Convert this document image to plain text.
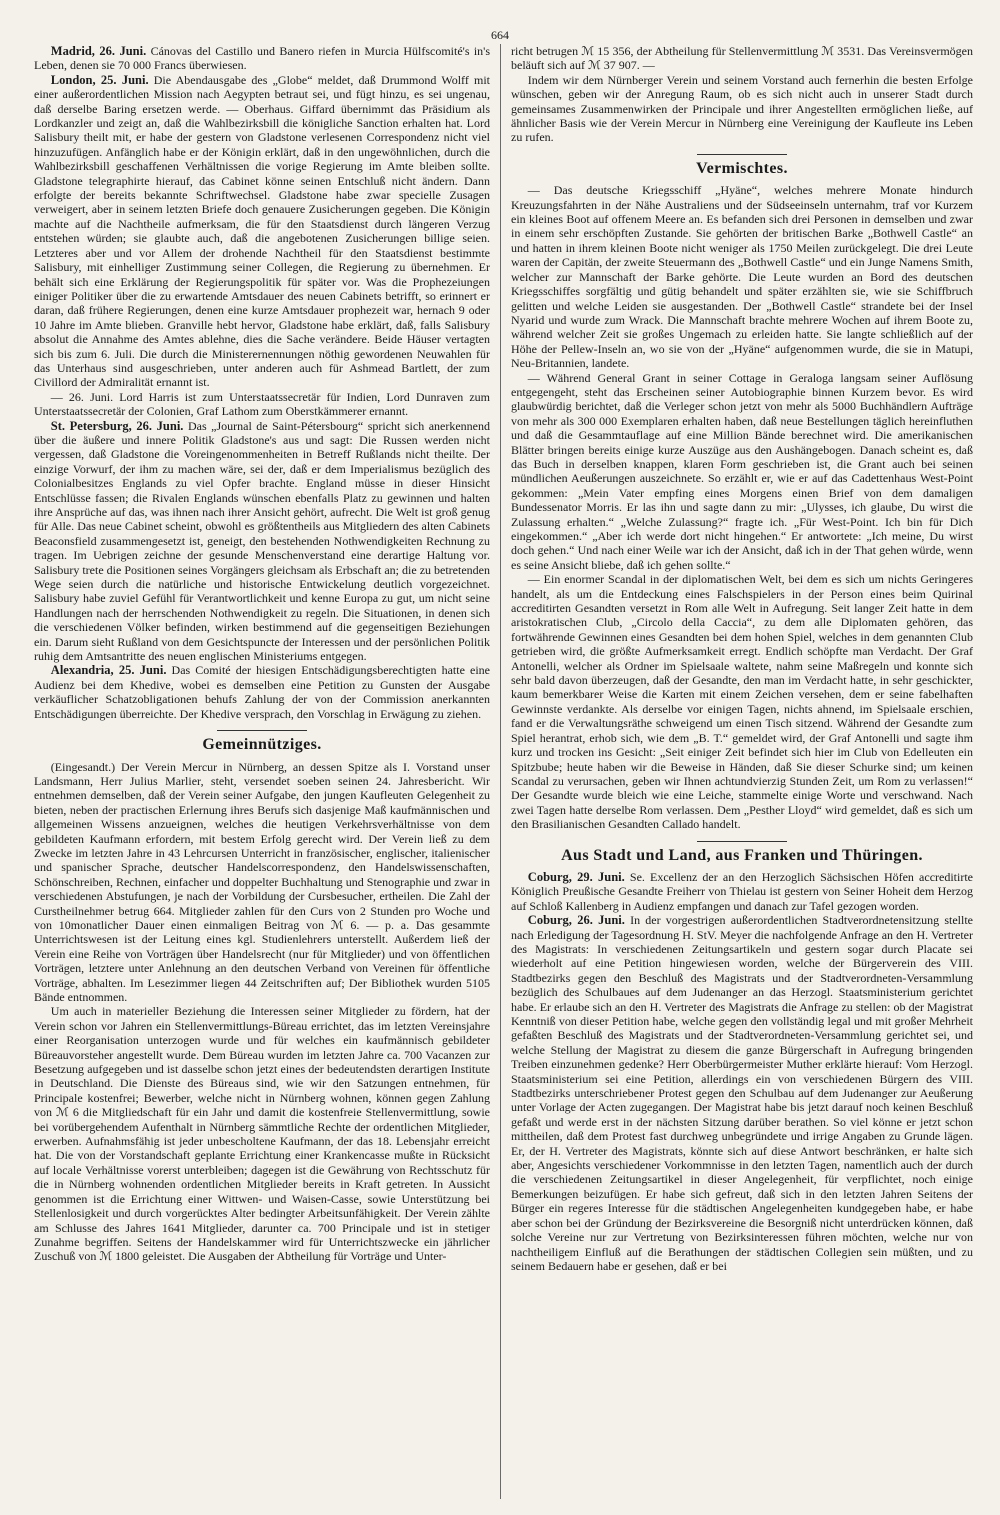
664

Madrid, 26. Juni. Cánovas del Castillo und Banero riefen in Murcia Hülfscomité's in's Leben, denen sie 70 000 Francs überwiesen.

London, 25. Juni. Die Abendausgabe des „Globe“ meldet, daß Drummond Wolff mit einer außerordentlichen Mission nach Aegypten betraut sei, und fügt hinzu, es sei ungenau, daß derselbe Baring ersetzen werde. — Oberhaus. Giffard übernimmt das Präsidium als Lordkanzler und zeigt an, daß die Wahlbezirksbill die königliche Sanction erhalten hat. Lord Salisbury theilt mit, er habe der gestern von Gladstone verlesenen Correspondenz nicht viel hinzuzufügen. Anfänglich habe er der Königin erklärt, daß in den ungewöhnlichen, durch die Wahlbezirksbill geschaffenen Verhältnissen die vorige Regierung im Amte bleiben sollte. Gladstone telegraphirte hierauf, das Cabinet könne seinen Entschluß nicht ändern. Dann erfolgte der bereits bekannte Schriftwechsel. Gladstone habe zwar specielle Zusagen verweigert, aber in seinem letzten Briefe doch genauere Zusicherungen gegeben. Die Königin machte auf die Nachtheile aufmerksam, die für den Staatsdienst durch längeren Verzug entstehen würden; sie glaubte auch, daß die angebotenen Zusicherungen billige seien. Letzteres aber und vor Allem der drohende Nachtheil für den Staatsdienst bestimmte Salisbury, mit einhelliger Zustimmung seiner Collegen, die Regierung zu übernehmen. Er behält sich eine Erklärung der Regierungspolitik für später vor. Was die Prophezeiungen einiger Politiker über die zu erwartende Amtsdauer des neuen Cabinets betrifft, so erinnert er daran, daß frühere Regierungen, denen eine kurze Amtsdauer prophezeit war, hernach 9 oder 10 Jahre im Amte blieben. Granville hebt hervor, Gladstone habe erklärt, daß, falls Salisbury absolut die Annahme des Amtes ablehne, dies die Sache verändere. Beide Häuser vertagten sich bis zum 6. Juli. Die durch die Ministerernennungen nöthig gewordenen Neuwahlen für das Unterhaus sind ausgeschrieben, unter anderen auch für Ashmead Bartlett, der zum Civillord der Admiralität ernannt ist.

— 26. Juni. Lord Harris ist zum Unterstaatssecretär für Indien, Lord Dunraven zum Unterstaatssecretär der Colonien, Graf Lathom zum Oberstkämmerer ernannt.

St. Petersburg, 26. Juni. Das „Journal de Saint-Pétersbourg“ spricht sich anerkennend über die äußere und innere Politik Gladstone's aus und sagt: Die Russen werden nicht vergessen, daß Gladstone die Voreingenommenheiten in Betreff Rußlands nicht theilte. Der einzige Vorwurf, der ihm zu machen wäre, sei der, daß er dem Imperialismus bezüglich des Colonialbesitzes Englands zu viel Opfer brachte. England müsse in dieser Hinsicht Entschlüsse fassen; die Rivalen Englands wünschen ebenfalls Platz zu gewinnen und halten ihre Ansprüche auf das, was ihnen nach ihrer Ansicht gehört, aufrecht. Die Welt ist groß genug für Alle. Das neue Cabinet scheint, obwohl es größtentheils aus Mitgliedern des alten Cabinets Beaconsfield zusammengesetzt ist, geneigt, den bestehenden Nothwendigkeiten Rechnung zu tragen. Im Uebrigen zeichne der gesunde Menschenverstand eine derartige Haltung vor. Salisbury trete die Positionen seines Vorgängers gleichsam als Erbschaft an; die zu betretenden Wege seien durch die natürliche und historische Entwickelung deutlich vorgezeichnet. Salisbury habe zuviel Gefühl für Verantwortlichkeit und kenne Europa zu gut, um nicht seine Handlungen nach der herrschenden Nothwendigkeit zu regeln. Die Situationen, in denen sich die verschiedenen Völker befinden, wirken bestimmend auf die gegenseitigen Beziehungen ein. Darum sieht Rußland von dem Gesichtspuncte der Interessen und der persönlichen Politik ruhig dem Amtsantritte des neuen englischen Ministeriums entgegen.

Alexandria, 25. Juni. Das Comité der hiesigen Entschädigungsberechtigten hatte eine Audienz bei dem Khedive, wobei es demselben eine Petition zu Gunsten der Ausgabe verkäuflicher Schatzobligationen behufs Zahlung der von der Commission anerkannten Entschädigungen überreichte. Der Khedive versprach, den Vorschlag in Erwägung zu ziehen.

Gemeinnütziges.

(Eingesandt.) Der Verein Mercur in Nürnberg, an dessen Spitze als I. Vorstand unser Landsmann, Herr Julius Marlier, steht, versendet soeben seinen 24. Jahresbericht. Wir entnehmen demselben, daß der Verein seiner Aufgabe, den jungen Kaufleuten Gelegenheit zu bieten, neben der practischen Erlernung ihres Berufs sich dasjenige Maß kaufmännischen und allgemeinen Wissens anzueignen, welches die heutigen Verkehrsverhältnisse von dem gebildeten Kaufmann erfordern, mit bestem Erfolg gerecht wird. Der Verein ließ zu dem Zwecke im letzten Jahre in 43 Lehrcursen Unterricht in französischer, englischer, italienischer und spanischer Sprache, deutscher Handelscorrespondenz, den Handelswissenschaften, Schönschreiben, Rechnen, einfacher und doppelter Buchhaltung und Stenographie und zwar in verschiedenen Abstufungen, je nach der Vorbildung der Cursbesucher, ertheilen. Die Zahl der Curstheilnehmer betrug 664. Mitglieder zahlen für den Curs von 2 Stunden pro Woche und von 10monatlicher Dauer einen einmaligen Beitrag von ℳ 6. — p. a. Das gesammte Unterrichtswesen ist der Leitung eines kgl. Studienlehrers unterstellt. Außerdem ließ der Verein eine Reihe von Vorträgen über Handelsrecht (nur für Mitglieder) und von öffentlichen Vorträgen, letztere unter Anlehnung an den deutschen Verband von Vereinen für öffentliche Vorträge, abhalten. Im Lesezimmer liegen 44 Zeitschriften auf; Der Bibliothek wurden 5105 Bände entnommen.

Um auch in materieller Beziehung die Interessen seiner Mitglieder zu fördern, hat der Verein schon vor Jahren ein Stellenvermittlungs-Büreau errichtet, das im letzten Vereinsjahre einer Reorganisation unterzogen wurde und für welches ein kaufmännisch gebildeter Büreauvorsteher angestellt wurde. Dem Büreau wurden im letzten Jahre ca. 700 Vacanzen zur Besetzung aufgegeben und ist dasselbe schon jetzt eines der bedeutendsten derartigen Institute in Deutschland. Die Dienste des Büreaus sind, wie wir den Satzungen entnehmen, für Principale kostenfrei; Bewerber, welche nicht in Nürnberg wohnen, können gegen Zahlung von ℳ 6 die Mitgliedschaft für ein Jahr und damit die kostenfreie Stellenvermittlung, sowie bei vorübergehendem Aufenthalt in Nürnberg sämmtliche Rechte der ordentlichen Mitglieder, erwerben. Aufnahmsfähig ist jeder unbescholtene Kaufmann, der das 18. Lebensjahr erreicht hat. Die von der Vorstandschaft geplante Errichtung einer Krankencasse mußte in Rücksicht auf locale Verhältnisse vorerst unterbleiben; dagegen ist die Gewährung von Rechtsschutz für die in Nürnberg wohnenden ordentlichen Mitglieder bereits in Kraft getreten. In Aussicht genommen ist die Errichtung einer Wittwen- und Waisen-Casse, sowie Unterstützung bei Stellenlosigkeit und durch vorgerücktes Alter bedingter Arbeitsunfähigkeit. Der Verein zählte am Schlusse des Jahres 1641 Mitglieder, darunter ca. 700 Principale und ist in stetiger Zunahme begriffen. Seitens der Handelskammer wird für Unterrichtszwecke ein jährlicher Zuschuß von ℳ 1800 geleistet. Die Ausgaben der Abtheilung für Vorträge und Unter-

richt betrugen ℳ 15 356, der Abtheilung für Stellenvermittlung ℳ 3531. Das Vereinsvermögen beläuft sich auf ℳ 37 907. —

Indem wir dem Nürnberger Verein und seinem Vorstand auch fernerhin die besten Erfolge wünschen, geben wir der Anregung Raum, ob es sich nicht auch in unserer Stadt durch gemeinsames Zusammenwirken der Principale und ihrer Angestellten ermöglichen ließe, auf ähnlicher Basis wie der Verein Mercur in Nürnberg eine Vereinigung der Kaufleute ins Leben zu rufen.

Vermischtes.

— Das deutsche Kriegsschiff „Hyäne“, welches mehrere Monate hindurch Kreuzungsfahrten in der Nähe Australiens und der Südseeinseln unternahm, traf vor Kurzem ein kleines Boot auf offenem Meere an. Es befanden sich drei Personen in demselben und zwar in einem sehr erschöpften Zustande. Sie gehörten der britischen Barke „Bothwell Castle“ an und hatten in ihrem kleinen Boote nicht weniger als 1750 Meilen zurückgelegt. Die drei Leute waren der Capitän, der zweite Steuermann des „Bothwell Castle“ und ein Junge Namens Smith, welcher zur Mannschaft der Barke gehörte. Die Leute wurden an Bord des deutschen Kriegsschiffes sorgfältig und gütig behandelt und später erzählten sie, wie sie Schiffbruch gelitten und welche Leiden sie ausgestanden. Der „Bothwell Castle“ strandete bei der Insel Nyarid und wurde zum Wrack. Die Mannschaft brachte mehrere Wochen auf ihrem Boote zu, während welcher Zeit sie großes Ungemach zu erleiden hatte. Sie langte schließlich auf der Höhe der Pellew-Inseln an, wo sie von der „Hyäne“ aufgenommen wurde, die sie in Matupi, Neu-Britannien, landete.

— Während General Grant in seiner Cottage in Geraloga langsam seiner Auflösung entgegengeht, steht das Erscheinen seiner Autobiographie binnen Kurzem bevor. Es wird glaubwürdig berichtet, daß die Verleger schon jetzt von mehr als 5000 Buchhändlern Aufträge von mehr als 300 000 Exemplaren erhalten haben, daß neue Bestellungen täglich hereinfluthen und daß die Gesammtauflage auf eine Million Bände berechnet wird. Die amerikanischen Blätter bringen bereits einige kurze Auszüge aus den Aushängebogen. Danach scheint es, daß das Buch in derselben knappen, klaren Form geschrieben ist, die Grant auch bei seinen mündlichen Aeußerungen auszeichnete. So erzählt er, wie er auf das Cadettenhaus West-Point gekommen: „Mein Vater empfing eines Morgens einen Brief von dem damaligen Bundessenator Morris. Er las ihn und sagte dann zu mir: „Ulysses, ich glaube, Du wirst die Zulassung erhalten.“ „Welche Zulassung?“ fragte ich. „Für West-Point. Ich bin für Dich eingekommen.“ „Aber ich werde dort nicht hingehen.“ Er antwortete: „Ich meine, Du wirst doch gehen.“ Und nach einer Weile war ich der Ansicht, daß ich in der That gehen würde, wenn es seine Ansicht bliebe, daß ich gehen sollte.“

— Ein enormer Scandal in der diplomatischen Welt, bei dem es sich um nichts Geringeres handelt, als um die Entdeckung eines Falschspielers in der Person eines beim Quirinal accreditirten Gesandten versetzt in Rom alle Welt in Aufregung. Seit langer Zeit hatte in dem aristokratischen Club, „Circolo della Caccia“, zu dem alle Diplomaten gehören, das fortwährende Gewinnen eines Gesandten bei dem hohen Spiel, welches in dem genannten Club getrieben wird, die größte Aufmerksamkeit erregt. Endlich schöpfte man Verdacht. Der Graf Antonelli, welcher als Ordner im Spielsaale waltete, nahm seine Maßregeln und konnte sich sehr bald davon überzeugen, daß der Gesandte, den man im Verdacht hatte, in sehr geschickter, kaum bemerkbarer Weise die Karten mit einem Zeichen versehen, dem er seine fabelhaften Gewinnste verdankte. Als derselbe vor einigen Tagen, nichts ahnend, im Spielsaale erschien, fand er die Verwaltungsräthe schweigend um einen Tisch sitzend. Während der Gesandte zum Spiel herantrat, erhob sich, wie dem „B. T.“ gemeldet wird, der Graf Antonelli und sagte ihm kurz und trocken ins Gesicht: „Seit einiger Zeit befindet sich hier im Club von Edelleuten ein Spitzbube; heute haben wir die Beweise in Händen, daß Sie dieser Schurke sind; um keinen Scandal zu verursachen, geben wir Ihnen achtundvierzig Stunden Zeit, um Rom zu verlassen!“ Der Gesandte wurde bleich wie eine Leiche, stammelte einige Worte und verschwand. Nach zwei Tagen hatte derselbe Rom verlassen. Dem „Pesther Lloyd“ wird gemeldet, daß es sich um den Brasilianischen Gesandten Callado handelt.

Aus Stadt und Land, aus Franken und Thüringen.

Coburg, 29. Juni. Se. Excellenz der an den Herzoglich Sächsischen Höfen accreditirte Königlich Preußische Gesandte Freiherr von Thielau ist gestern von Seiner Hoheit dem Herzog auf Schloß Kallenberg in Audienz empfangen und danach zur Tafel gezogen worden.

Coburg, 26. Juni. In der vorgestrigen außerordentlichen Stadtverordnetensitzung stellte nach Erledigung der Tagesordnung H. StV. Meyer die nachfolgende Anfrage an den H. Vertreter des Magistrats: In verschiedenen Zeitungsartikeln und gestern sogar durch Placate sei wiederholt auf eine Petition hingewiesen worden, welche der Bürgerverein des VIII. Stadtbezirks gegen den Beschluß des Magistrats und der Stadtverordneten-Versammlung bezüglich des Schulbaues auf dem Judenanger an das Herzogl. Staatsministerium gerichtet habe. Er erlaube sich an den H. Vertreter des Magistrats die Anfrage zu stellen: ob der Magistrat Kenntniß von dieser Petition habe, welche gegen den vollständig legal und mit großer Mehrheit gefaßten Beschluß des Magistrats und der Stadtverordneten-Versammlung gerichtet sei, und welche Stellung der Magistrat zu diesem die ganze Bürgerschaft in Aufregung bringenden Treiben einzunehmen gedenke? Herr Oberbürgermeister Muther erklärte hierauf: Vom Herzogl. Staatsministerium sei eine Petition, allerdings ein von verschiedenen Bürgern des VIII. Stadtbezirks unterschriebener Protest gegen den Schulbau auf dem Judenanger zur Aeußerung unter Vorlage der Acten zugegangen. Der Magistrat habe bis jetzt darauf noch keinen Beschluß gefaßt und werde erst in der nächsten Sitzung darüber berathen. So viel könne er jetzt schon mittheilen, daß dem Protest fast durchweg unbegründete und irrige Angaben zu Grunde lägen. Er, der H. Vertreter des Magistrats, könnte sich auf diese Antwort beschränken, er halte sich aber, Angesichts verschiedener Vorkommnisse in den letzten Tagen, namentlich auch der durch die verschiedenen Zeitungsartikel in dieser Angelegenheit, für verpflichtet, noch einige Bemerkungen beizufügen. Er habe sich gefreut, daß sich in den letzten Jahren Seitens der Bürger ein regeres Interesse für die städtischen Angelegenheiten kundgegeben habe, er habe aber schon bei der Gründung der Bezirksvereine die Besorgniß nicht unterdrücken können, daß solche Vereine nur zur Vertretung von Bezirksinteressen führen möchten, welche nur von nachtheiligem Einfluß auf die Berathungen der städtischen Collegien sein müßten, und zu seinem Bedauern habe er gesehen, daß er bei
